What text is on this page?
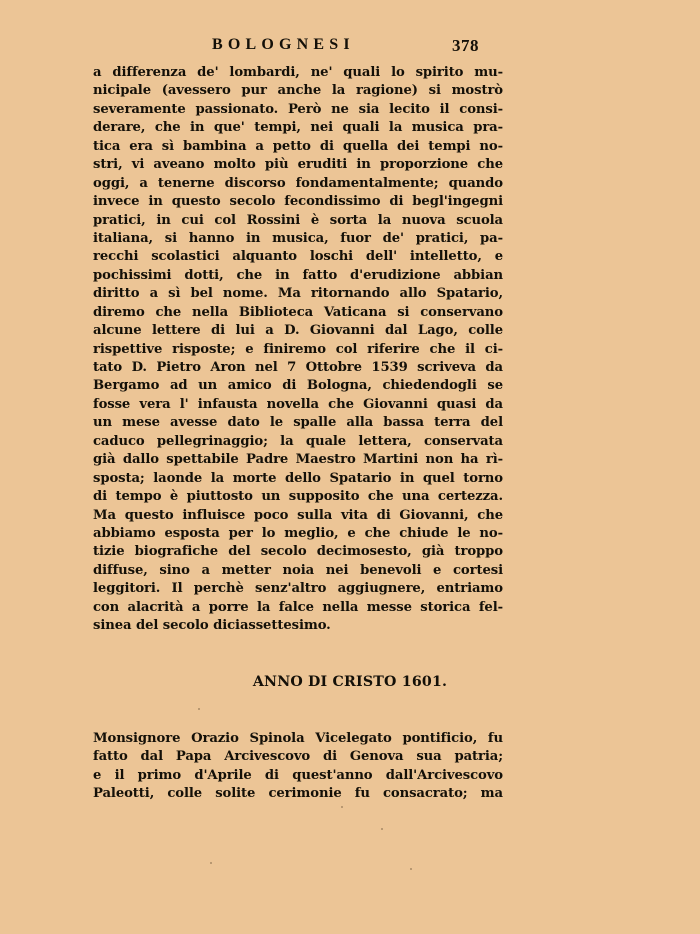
BOLOGNESI	378
a differenza de' lombardi, ne' quali lo spirito mu-
nicipale (avessero pur anche la ragione) si mostrò
severamente passionato. Però ne sia lecito il consi-
derare, che in que' tempi, nei quali la musica pra-
tica era sì bambina a petto di quella dei tempi no-
stri, vi aveano molto più eruditi in proporzione che
oggi, a tenerne discorso fondamentalmente; quando
invece in questo secolo fecondissimo di begl'ingegni
pratici, in cui col Rossini è sorta la nuova scuola
italiana, si hanno in musica, fuor de' pratici, pa-
recchi scolastici alquanto loschi dell' intelletto, e
pochissimi dotti, che in fatto d'erudizione abbian
diritto a sì bel nome. Ma ritornando allo Spatario,
diremo che nella Biblioteca Vaticana si conservano
alcune lettere di lui a D. Giovanni dal Lago, colle
rispettive risposte; e finiremo col riferire che il ci-
tato D. Pietro Aron nel 7 Ottobre 1539 scriveva da
Bergamo ad un amico di Bologna, chiedendogli se
fosse vera l' infausta novella che Giovanni quasi da
un mese avesse dato le spalle alla bassa terra del
caduco pellegrinaggio; la quale lettera, conservata
già dallo spettabile Padre Maestro Martini non ha rì-
sposta; laonde la morte dello Spatario in quel torno
di tempo è piuttosto un supposito che una certezza.
Ma questo influisce poco sulla vita di Giovanni, che
abbiamo esposta per lo meglio, e che chiude le no-
tizie biografiche del secolo decimosesto, già troppo
diffuse, sino a metter noia nei benevoli e cortesi
leggitori. Il perchè senz'altro aggiugnere, entriamo
con alacrità a porre la falce nella messe storica fel-
sinea del secolo diciassettesimo.
ANNO DI CRISTO 1601.
Monsignore Orazio Spinola Vicelegato pontificio, fu
fatto dal Papa Arcivescovo di Genova sua patria;
e il primo d'Aprile di quest'anno dall'Arcivescovo
Paleotti, colle solite cerimonie fu consacrato; ma
